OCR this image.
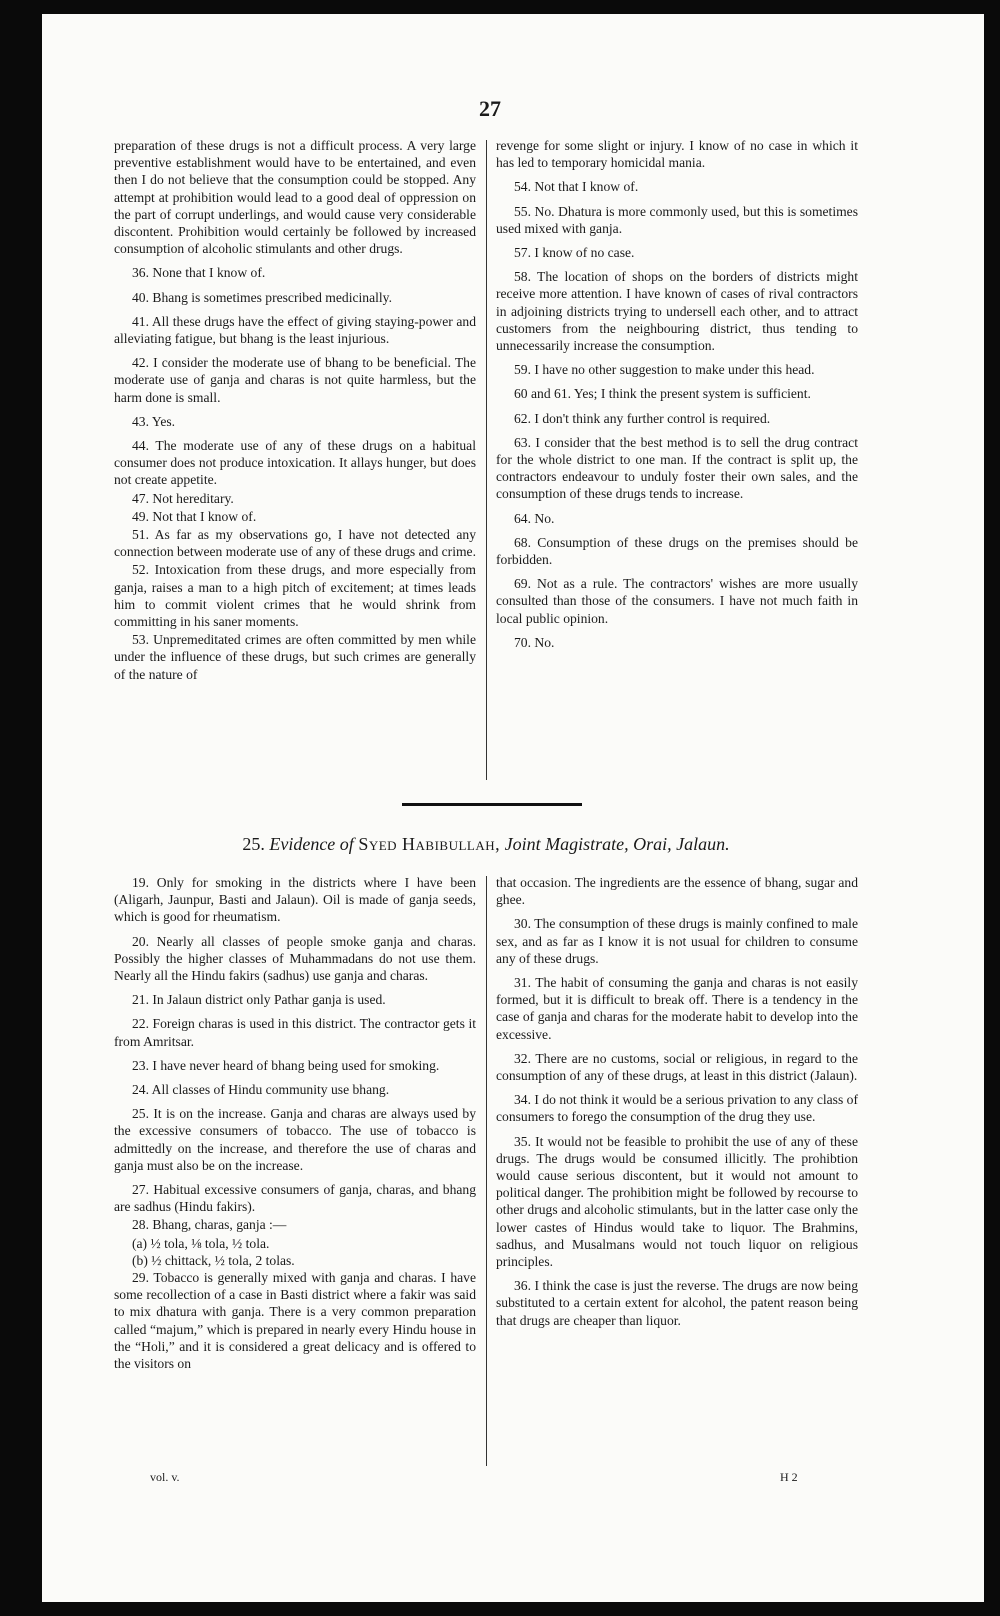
27

preparation of these drugs is not a difficult process. A very large preventive establishment would have to be entertained, and even then I do not believe that the consumption could be stopped. Any attempt at prohibition would lead to a good deal of oppression on the part of corrupt underlings, and would cause very considerable discontent. Prohibition would certainly be followed by increased consumption of alcoholic stimulants and other drugs.

36. None that I know of.

40. Bhang is sometimes prescribed medicinally.

41. All these drugs have the effect of giving staying-power and alleviating fatigue, but bhang is the least injurious.

42. I consider the moderate use of bhang to be beneficial. The moderate use of ganja and charas is not quite harmless, but the harm done is small.

43. Yes.

44. The moderate use of any of these drugs on a habitual consumer does not produce intoxication. It allays hunger, but does not create appetite.

47. Not hereditary.

49. Not that I know of.

51. As far as my observations go, I have not detected any connection between moderate use of any of these drugs and crime.

52. Intoxication from these drugs, and more especially from ganja, raises a man to a high pitch of excitement; at times leads him to commit violent crimes that he would shrink from committing in his saner moments.

53. Unpremeditated crimes are often committed by men while under the influence of these drugs, but such crimes are generally of the nature of

revenge for some slight or injury. I know of no case in which it has led to temporary homicidal mania.

54. Not that I know of.

55. No. Dhatura is more commonly used, but this is sometimes used mixed with ganja.

57. I know of no case.

58. The location of shops on the borders of districts might receive more attention. I have known of cases of rival contractors in adjoining districts trying to undersell each other, and to attract customers from the neighbouring district, thus tending to unnecessarily increase the consumption.

59. I have no other suggestion to make under this head.

60 and 61. Yes; I think the present system is sufficient.

62. I don't think any further control is required.

63. I consider that the best method is to sell the drug contract for the whole district to one man. If the contract is split up, the contractors endeavour to unduly foster their own sales, and the consumption of these drugs tends to increase.

64. No.

68. Consumption of these drugs on the premises should be forbidden.

69. Not as a rule. The contractors' wishes are more usually consulted than those of the consumers. I have not much faith in local public opinion.

70. No.

25. Evidence of Syed Habibullah, Joint Magistrate, Orai, Jalaun.

19. Only for smoking in the districts where I have been (Aligarh, Jaunpur, Basti and Jalaun). Oil is made of ganja seeds, which is good for rheumatism.

20. Nearly all classes of people smoke ganja and charas. Possibly the higher classes of Muhammadans do not use them. Nearly all the Hindu fakirs (sadhus) use ganja and charas.

21. In Jalaun district only Pathar ganja is used.

22. Foreign charas is used in this district. The contractor gets it from Amritsar.

23. I have never heard of bhang being used for smoking.

24. All classes of Hindu community use bhang.

25. It is on the increase. Ganja and charas are always used by the excessive consumers of tobacco. The use of tobacco is admittedly on the increase, and therefore the use of charas and ganja must also be on the increase.

27. Habitual excessive consumers of ganja, charas, and bhang are sadhus (Hindu fakirs).

28. Bhang, charas, ganja :—

(a) ½ tola, ⅛ tola, ½ tola.

(b) ½ chittack, ½ tola, 2 tolas.

29. Tobacco is generally mixed with ganja and charas. I have some recollection of a case in Basti district where a fakir was said to mix dhatura with ganja. There is a very common preparation called “majum,” which is prepared in nearly every Hindu house in the “Holi,” and it is considered a great delicacy and is offered to the visitors on

that occasion. The ingredients are the essence of bhang, sugar and ghee.

30. The consumption of these drugs is mainly confined to male sex, and as far as I know it is not usual for children to consume any of these drugs.

31. The habit of consuming the ganja and charas is not easily formed, but it is difficult to break off. There is a tendency in the case of ganja and charas for the moderate habit to develop into the excessive.

32. There are no customs, social or religious, in regard to the consumption of any of these drugs, at least in this district (Jalaun).

34. I do not think it would be a serious privation to any class of consumers to forego the consumption of the drug they use.

35. It would not be feasible to prohibit the use of any of these drugs. The drugs would be consumed illicitly. The prohibtion would cause serious discontent, but it would not amount to political danger. The prohibition might be followed by recourse to other drugs and alcoholic stimulants, but in the latter case only the lower castes of Hindus would take to liquor. The Brahmins, sadhus, and Musalmans would not touch liquor on religious principles.

36. I think the case is just the reverse. The drugs are now being substituted to a certain extent for alcohol, the patent reason being that drugs are cheaper than liquor.

vol. v.	H 2
